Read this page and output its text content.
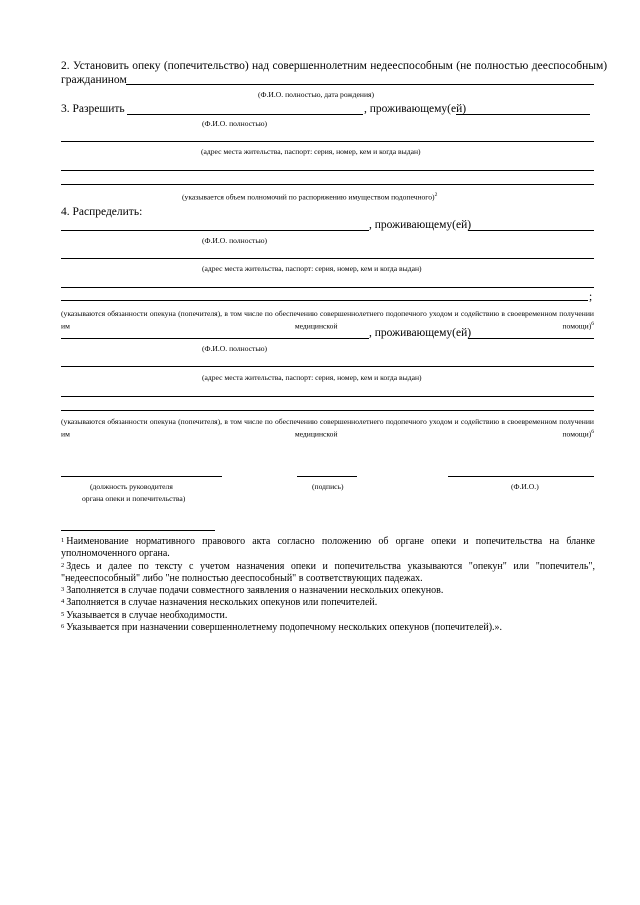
2. Установить опеку (попечительство) над совершеннолетним недееспособным (не полностью дееспособным)
гражданином
(Ф.И.О. полностью, дата рождения)
3. Разрешить	, проживающему(ей)
(Ф.И.О. полностью)
(адрес места жительства, паспорт: серия, номер, кем и когда выдан)
(указывается объем полномочий по распоряжению имуществом подопечного)$^2$
4. Распределить:
, проживающему(ей)
(Ф.И.О. полностью)
(адрес места жительства, паспорт: серия, номер, кем и когда выдан)
;
(указываются обязанности опекуна (попечителя), в том числе по обеспечению совершеннолетнего подопечного уходом и содействию в своевременном получении им медицинской помощи)$^6$
, проживающему(ей)
(Ф.И.О. полностью)
(адрес места жительства, паспорт: серия, номер, кем и когда выдан)
(указываются обязанности опекуна (попечителя), в том числе по обеспечению совершеннолетнего подопечного уходом и содействию в своевременном получении им медицинской помощи)$^6$
(должность руководителя
органа опеки и попечительства)
(подпись)	(Ф.И.О.)

$^1$ Наименование нормативного правового акта согласно положению об органе опеки и попечительства на бланке уполномоченного органа.

$^2$ Здесь и далее по тексту с учетом назначения опеки и попечительства указываются "опекун" или "попечитель", "недееспособный" либо "не полностью дееспособный" в соответствующих падежах.

$^3$ Заполняется в случае подачи совместного заявления о назначении нескольких опекунов.

$^4$ Заполняется в случае назначения нескольких опекунов или попечителей.

$^5$ Указывается в случае необходимости.

$^6$ Указывается при назначении совершеннолетнему подопечному нескольких опекунов (попечителей).».
